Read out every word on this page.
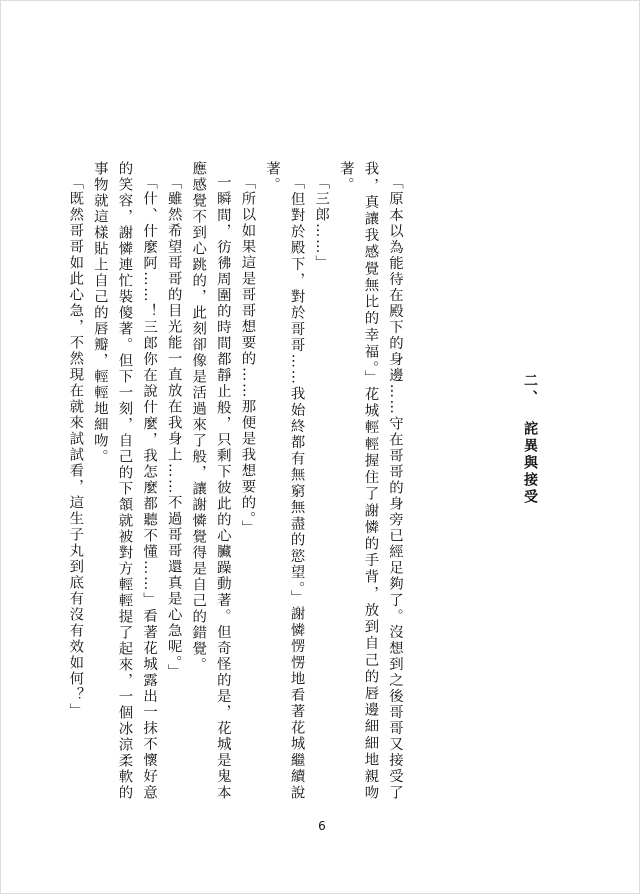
二、詫異與接受

「原本以為能待在殿下的身邊……守在哥哥的身旁已經足夠了。沒想到之後哥哥又接受了我，真讓我感覺無比的幸福。」花城輕輕握住了謝憐的手背，放到自己的唇邊細細地親吻著。

「三郎……」

「但對於殿下，對於哥哥……我始終都有無窮無盡的慾望。」謝憐愣愣地看著花城繼續說著。

「所以如果這是哥哥想要的……那便是我想要的。」

一瞬間，彷彿周圍的時間都靜止般，只剩下彼此的心臟躁動著。但奇怪的是，花城是鬼本應感覺不到心跳的，此刻卻像是活過來了般，讓謝憐覺得是自己的錯覺。

「雖然希望哥哥的目光能一直放在我身上……不過哥哥還真是心急呢。」

「什、什麼阿……！三郎你在說什麼，我怎麼都聽不懂……」看著花城露出一抹不懷好意的笑容，謝憐連忙裝傻著。但下一刻，自己的下頷就被對方輕輕提了起來，一個冰涼柔軟的事物就這樣貼上自己的唇瓣，輕輕地細吻。

「既然哥哥如此心急，不然現在就來試試看，這生子丸到底有沒有效如何？」

6
